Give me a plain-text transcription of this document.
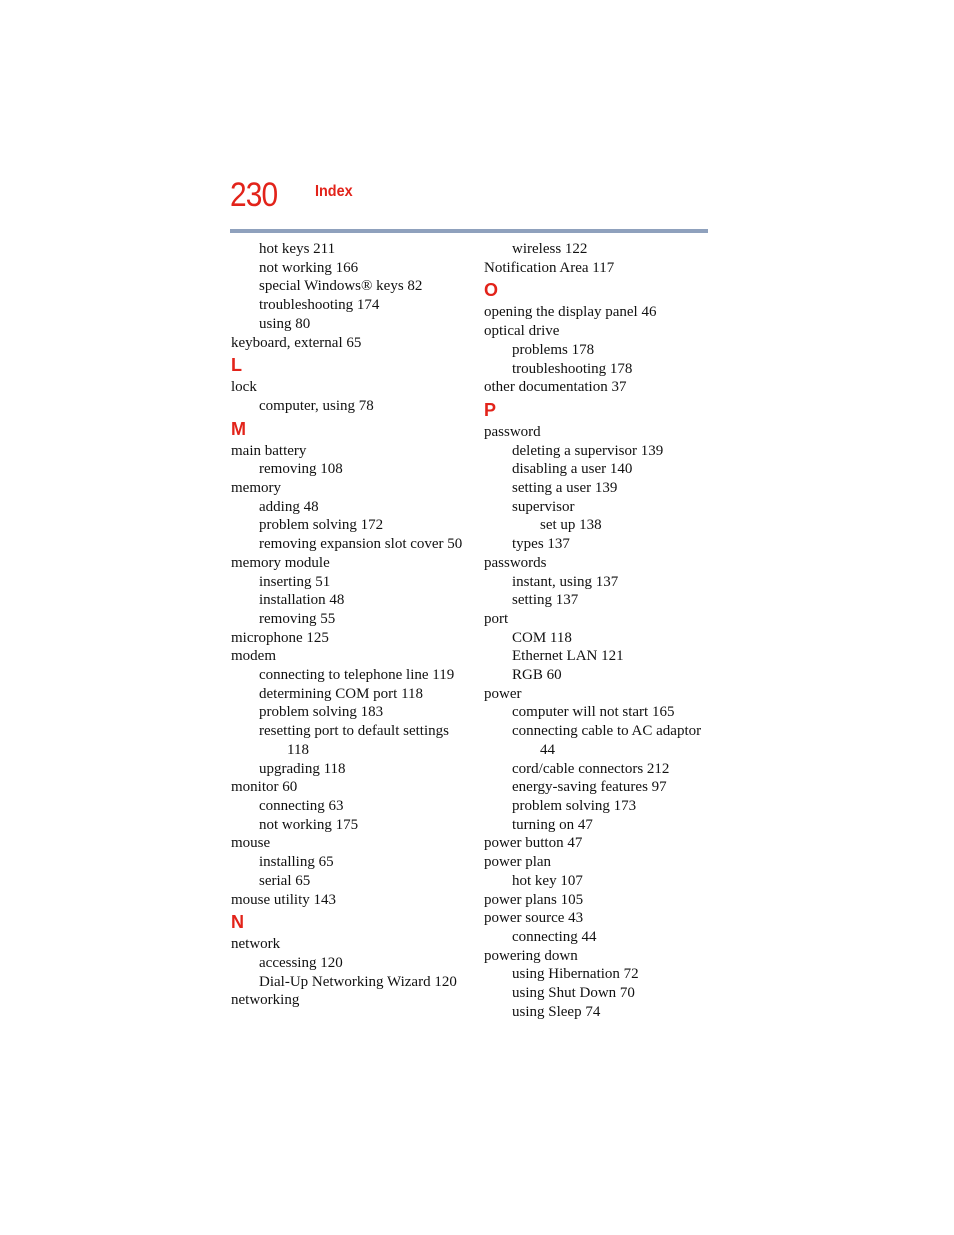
230 Index
hot keys 211
not working 166
special Windows® keys 82
troubleshooting 174
using 80
keyboard, external 65
L
lock
computer, using 78
M
main battery
removing 108
memory
adding 48
problem solving 172
removing expansion slot cover 50
memory module
inserting 51
installation 48
removing 55
microphone 125
modem
connecting to telephone line 119
determining COM port 118
problem solving 183
resetting port to default settings
118
upgrading 118
monitor 60
connecting 63
not working 175
mouse
installing 65
serial 65
mouse utility 143
N
network
accessing 120
Dial-Up Networking Wizard 120
networking
wireless 122
Notification Area 117
O
opening the display panel 46
optical drive
problems 178
troubleshooting 178
other documentation 37
P
password
deleting a supervisor 139
disabling a user 140
setting a user 139
supervisor
set up 138
types 137
passwords
instant, using 137
setting 137
port
COM 118
Ethernet LAN 121
RGB 60
power
computer will not start 165
connecting cable to AC adaptor
44
cord/cable connectors 212
energy-saving features 97
problem solving 173
turning on 47
power button 47
power plan
hot key 107
power plans 105
power source 43
connecting 44
powering down
using Hibernation 72
using Shut Down 70
using Sleep 74
